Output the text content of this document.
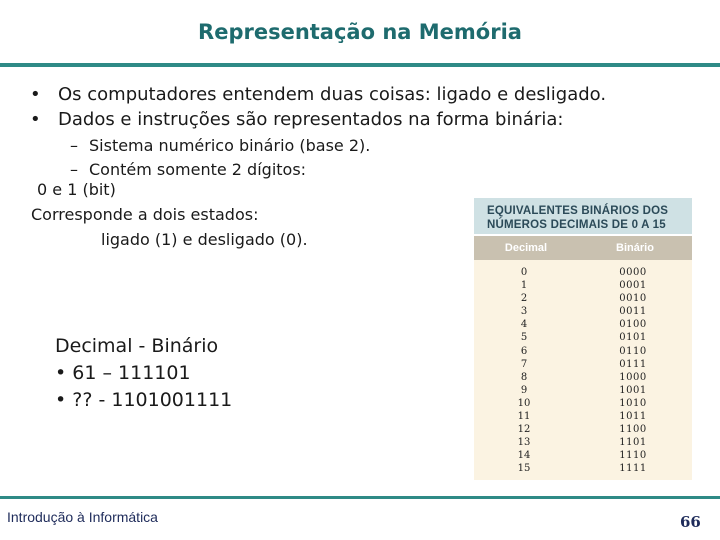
Representação na Memória
• Os computadores entendem duas coisas: ligado e desligado.
• Dados e instruções são representados na forma binária:
– Sistema numérico binário (base 2).
– Contém somente 2 dígitos:
0 e 1 (bit)
Corresponde a dois estados:
ligado (1) e desligado (0).
Decimal - Binário
• 61 – 111101
• ?? - 1101001111
EQUIVALENTES BINÁRIOS DOS
NÚMEROS DECIMAIS DE 0 A 15
Decimal	Binário
0	0000
1	0001
2	0010
3	0011
4	0100
5	0101
6	0110
7	0111
8	1000
9	1001
10	1010
11	1011
12	1100
13	1101
14	1110
15	1111
Introdução à Informática	66
